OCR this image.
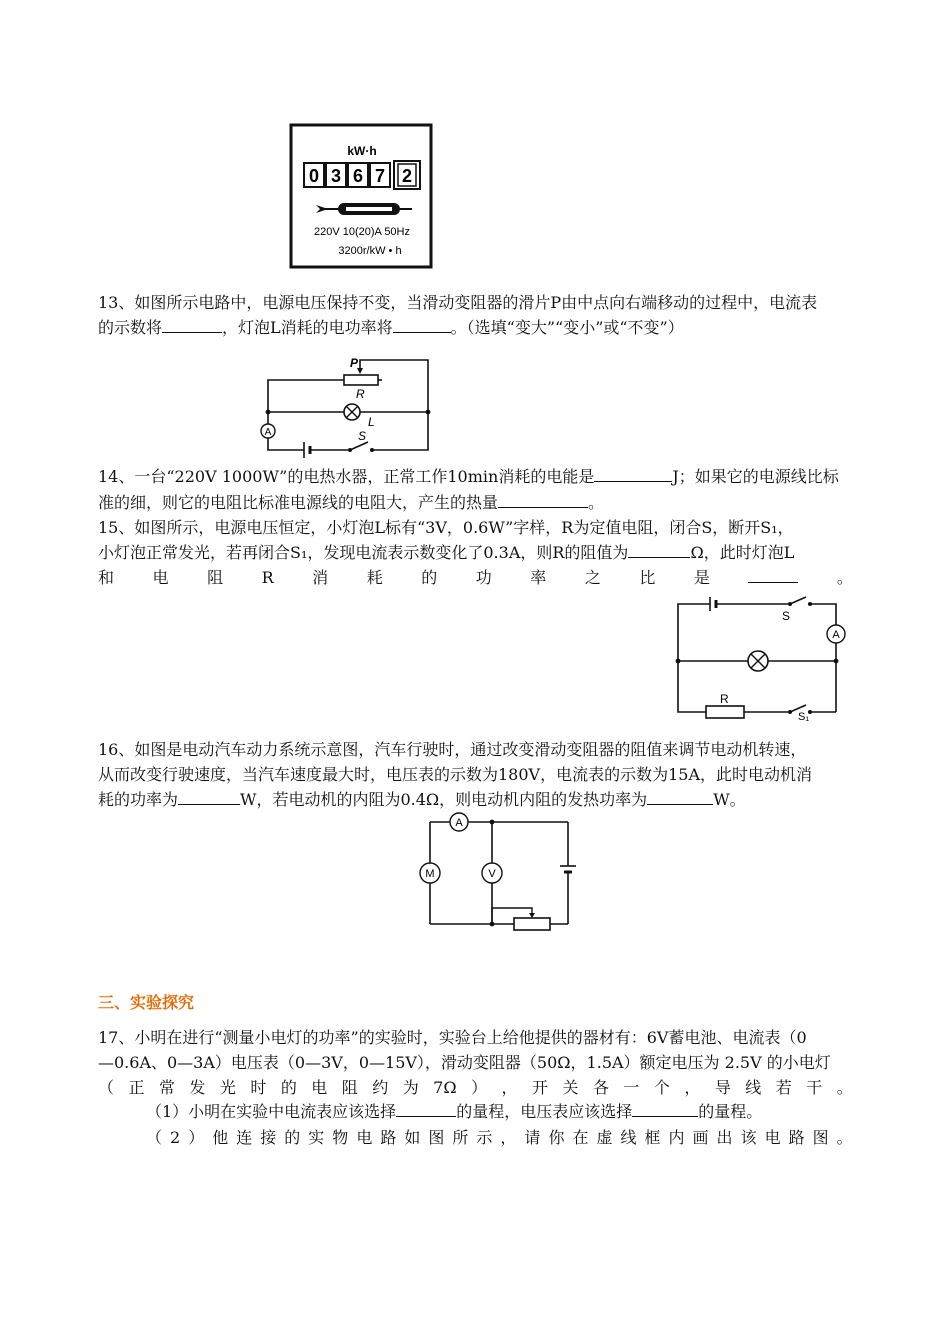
kW·h
0 3 6 7 2
220V 10(20)A 50Hz
3200r/kW • h
13、如图所示电路中，电源电压保持不变，当滑动变阻器的滑片P由中点向右端移动的过程中，电流表
的示数将	，灯泡L消耗的电功率将	。（选填“变大”“变小”或“不变”）
P
R
L
A	S
14、一台“220V 1000W”的电热水器，正常工作10min消耗的电能是	J；如果它的电源线比标
准的细，则它的电阻比标准电源线的电阻大，产生的热量	。
15、如图所示，电源电压恒定，小灯泡L标有“3V，0.6W”字样，R为定值电阻，闭合S，断开S₁，
小灯泡正常发光，若再闭合S₁，发现电流表示数变化了0.3A，则R的阻值为	Ω，此时灯泡L
和 电 阻 R 消 耗 的 功 率 之 比 是	。
S
A
R
S₁
16、如图是电动汽车动力系统示意图，汽车行驶时，通过改变滑动变阻器的阻值来调节电动机转速，
从而改变行驶速度，当汽车速度最大时，电压表的示数为180V，电流表的示数为15A，此时电动机消
耗的功率为	W，若电动机的内阻为0.4Ω，则电动机内阻的发热功率为	W。
A
M	V
三、实验探究
17、小明在进行“测量小电灯的功率”的实验时，实验台上给他提供的器材有：6V蓄电池、电流表（0
—0.6A、0—3A）电压表（0—3V，0—15V），滑动变阻器（50Ω，1.5A）额定电压为 2.5V 的小电灯
（ 正 常 发 光 时 的 电 阻 约 为 7Ω ） ， 开 关 各 一 个 ， 导 线 若 干 。
（1）小明在实验中电流表应该选择	的量程，电压表应该选择	的量程。
（ 2 ） 他 连 接 的 实 物 电 路 如 图 所 示 ， 请 你 在 虚 线 框 内 画 出 该 电 路 图 。
